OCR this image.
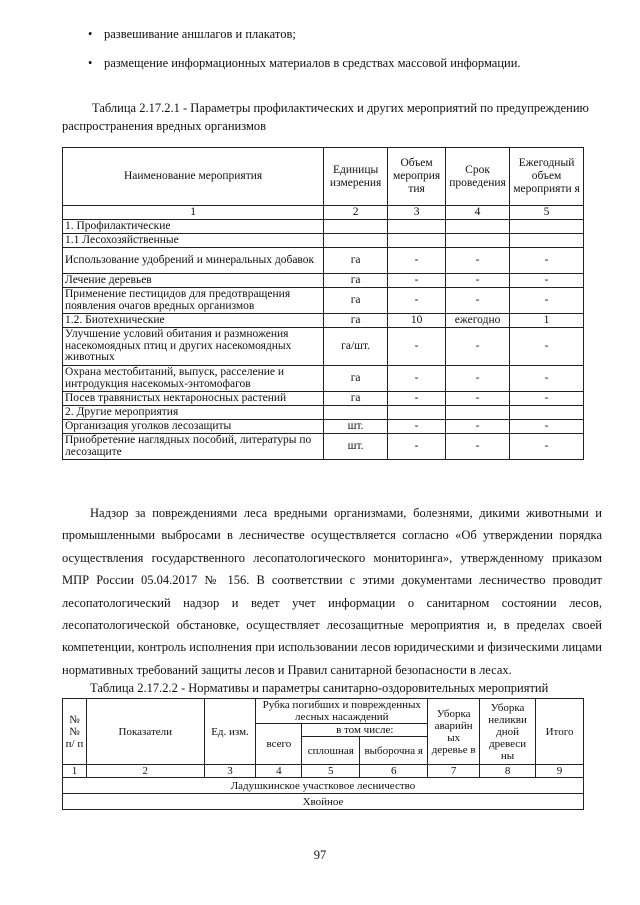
• развешивание аншлагов и плакатов;
• размещение информационных материалов в средствах массовой информации.
Таблица 2.17.2.1 - Параметры профилактических и других мероприятий по предупреждению распространения вредных организмов
Наименование мероприятия	Единицы измерения	Объем мероприя тия	Срок проведения	Ежегодный объем мероприяти я
1	2	3	4	5
1. Профилактические				
1.1 Лесохозяйственные				
Использование удобрений и минеральных добавок	га	-	-	-
Лечение деревьев	га	-	-	-
Применение пестицидов для предотвращения появления очагов вредных организмов	га	-	-	-
1.2. Биотехнические	га	10	ежегодно	1
Улучшение условий обитания и размножения насекомоядных птиц и других насекомоядных животных	га/шт.	-	-	-
Охрана местобитаний, выпуск, расселение и интродукция насекомых-энтомофагов	га	-	-	-
Посев травянистых нектароносных растений	га	-	-	-
2. Другие мероприятия				
Организация уголков лесозащиты	шт.	-	-	-
Приобретение наглядных пособий, литературы по лесозащите	шт.	-	-	-
Надзор за повреждениями леса вредными организмами, болезнями, дикими животными и промышленными выбросами в лесничестве осуществляется согласно «Об утверждении порядка осуществления государственного лесопатологического мониторинга», утвержденному приказом МПР России 05.04.2017 № 156. В соответствии с этими документами лесничество проводит лесопатологический надзор и ведет учет информации о санитарном состоянии лесов, лесопатологической обстановке, осуществляет лесозащитные мероприятия и, в пределах своей компетенции, контроль исполнения при использовании лесов юридическими и физическими лицами нормативных требований защиты лесов и Правил санитарной безопасности в лесах.
Таблица 2.17.2.2 - Нормативы и параметры санитарно-оздоровительных мероприятий
№ № п/ п	Показатели	Ед. изм.	Рубка погибших и поврежденных лесных насаждений			Уборка аварийн ых деревье в	Уборка неликви дной древеси ны	Итого
			всего	в том числе:				
				сплошная	выборочна я			
1	2	3	4	5	6	7	8	9
Ладушкинское участковое лесничество								
Хвойное								
97
